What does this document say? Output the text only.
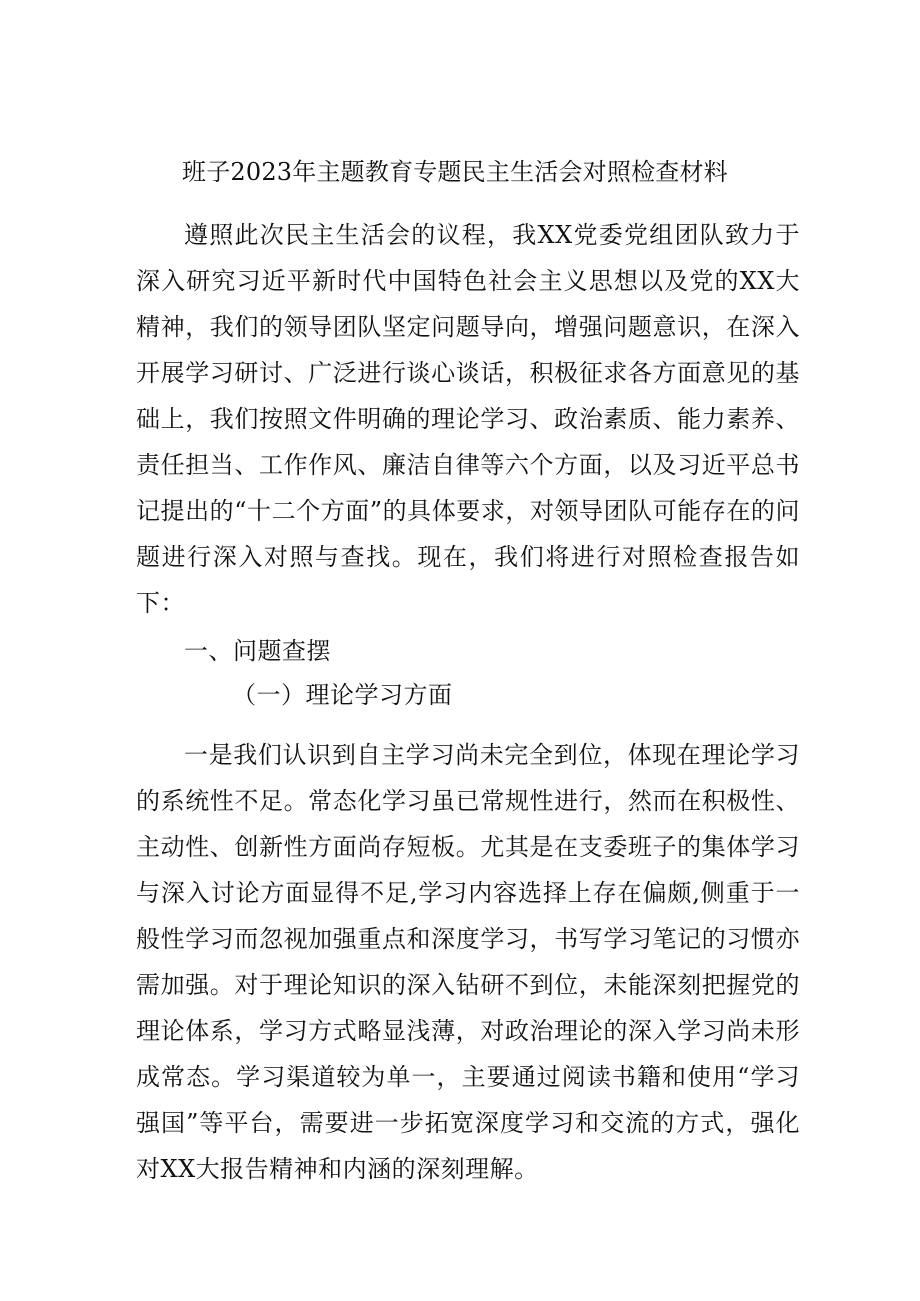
班子2023年主题教育专题民主生活会对照检查材料
遵照此次民主生活会的议程，我XX党委党组团队致力于深入研究习近平新时代中国特色社会主义思想以及党的XX大精神，我们的领导团队坚定问题导向，增强问题意识，在深入开展学习研讨、广泛进行谈心谈话，积极征求各方面意见的基础上，我们按照文件明确的理论学习、政治素质、能力素养、责任担当、工作作风、廉洁自律等六个方面，以及习近平总书记提出的“十二个方面”的具体要求，对领导团队可能存在的问题进行深入对照与查找。现在，我们将进行对照检查报告如下：
一、问题查摆
（一）理论学习方面
一是我们认识到自主学习尚未完全到位，体现在理论学习的系统性不足。常态化学习虽已常规性进行，然而在积极性、主动性、创新性方面尚存短板。尤其是在支委班子的集体学习与深入讨论方面显得不足,学习内容选择上存在偏颇,侧重于一般性学习而忽视加强重点和深度学习，书写学习笔记的习惯亦需加强。对于理论知识的深入钻研不到位，未能深刻把握党的理论体系，学习方式略显浅薄，对政治理论的深入学习尚未形成常态。学习渠道较为单一，主要通过阅读书籍和使用“学习强国”等平台，需要进一步拓宽深度学习和交流的方式，强化对XX大报告精神和内涵的深刻理解。
